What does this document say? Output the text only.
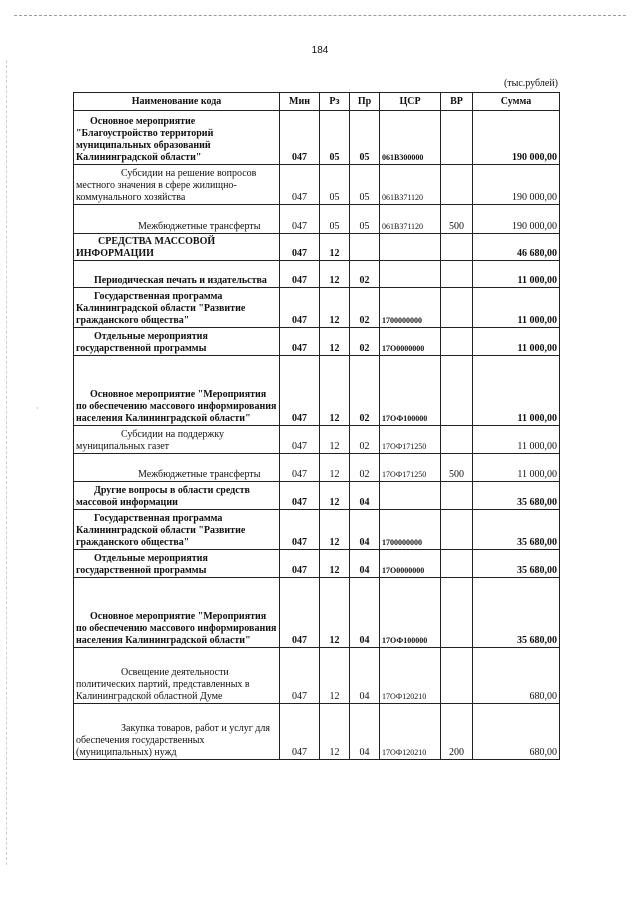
·
184
(тыс.рублей)
Наименование кода	Мин	Рз	Пр	ЦСР	ВР	Сумма
Основное мероприятие "Благоустройство территорий муниципальных образований Калининградской области"	047	05	05	061B300000		190 000,00
Субсидии на решение вопросов местного значения в сфере жилищно-коммунального хозяйства	047	05	05	061B371120		190 000,00
Межбюджетные трансферты	047	05	05	061B371120	500	190 000,00
СРЕДСТВА МАССОВОЙ ИНФОРМАЦИИ	047	12				46 680,00
Периодическая печать и издательства	047	12	02			11 000,00
Государственная программа Калининградской области "Развитие гражданского общества"	047	12	02	1700000000		11 000,00
Отдельные мероприятия государственной программы	047	12	02	17О0000000		11 000,00
Основное мероприятие "Мероприятия по обеспечению массового информирования населения Калининградской области"	047	12	02	17ОФ100000		11 000,00
Субсидии на поддержку муниципальных газет	047	12	02	17ОФ171250		11 000,00
Межбюджетные трансферты	047	12	02	17ОФ171250	500	11 000,00
Другие вопросы в области средств массовой информации	047	12	04			35 680,00
Государственная программа Калининградской области "Развитие гражданского общества"	047	12	04	1700000000		35 680,00
Отдельные мероприятия государственной программы	047	12	04	17О0000000		35 680,00
Основное мероприятие "Мероприятия по обеспечению массового информирования населения Калининградской области"	047	12	04	17ОФ100000		35 680,00
Освещение деятельности политических партий, представленных в Калининградской областной Думе	047	12	04	17ОФ120210		680,00
Закупка товаров, работ и услуг для обеспечения государственных (муниципальных) нужд	047	12	04	17ОФ120210	200	680,00
